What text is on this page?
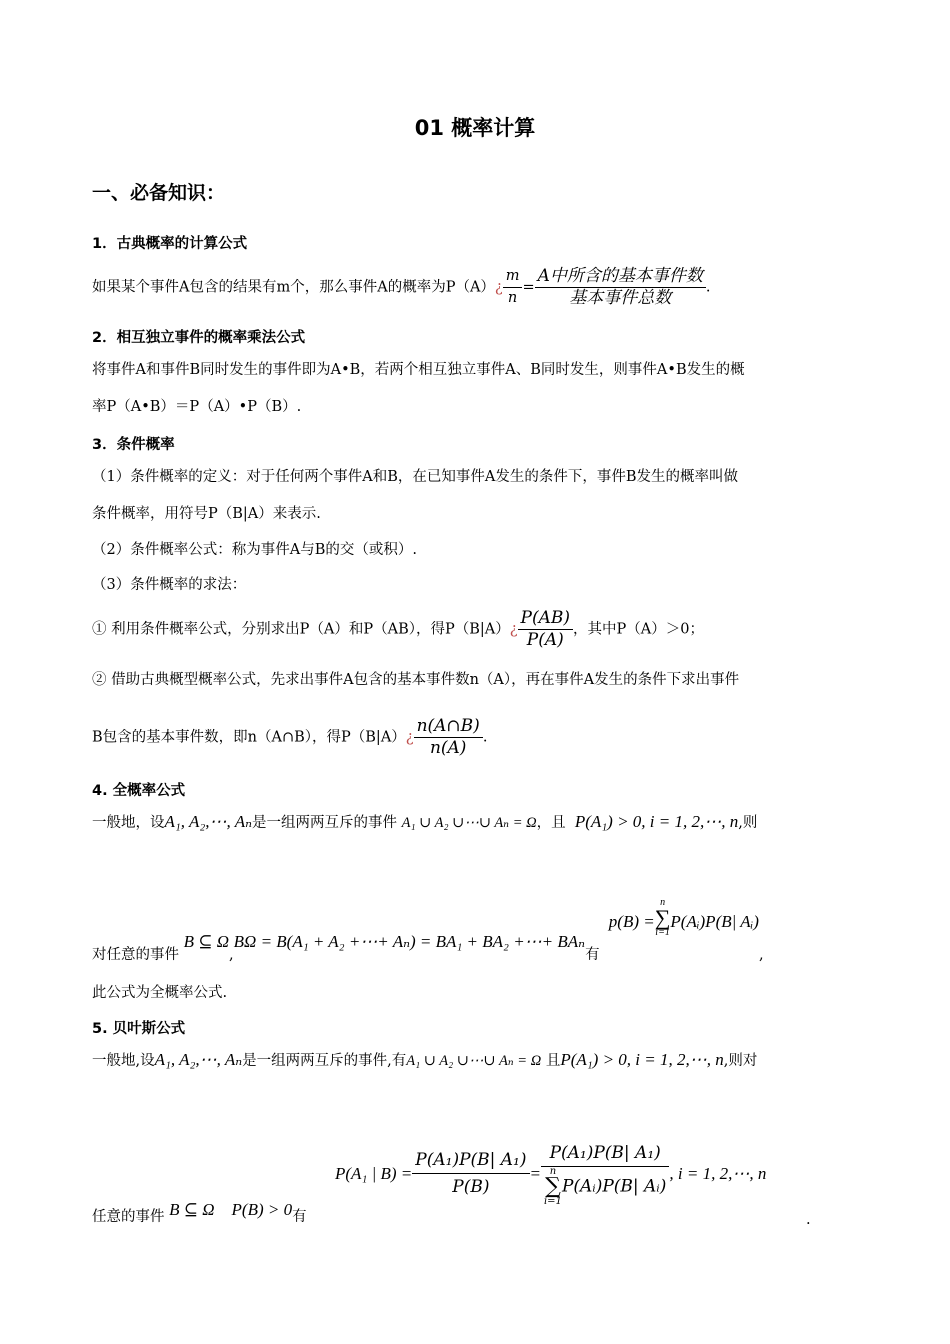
01 概率计算
一、必备知识：
1．古典概率的计算公式
如果某个事件A包含的结果有m个，那么事件A的概率为P（A）¿ $\frac{m}{n} = \frac{\text{A中所含的基本事件数}}{\text{基本事件总数}}$ .
2．相互独立事件的概率乘法公式
将事件A和事件B同时发生的事件即为A•B，若两个相互独立事件A、B同时发生，则事件A•B发生的概
率P（A•B）＝P（A）•P（B）.
3．条件概率
（1）条件概率的定义：对于任何两个事件A和B，在已知事件A发生的条件下，事件B发生的概率叫做
条件概率，用符号P（B|A）来表示.
（2）条件概率公式：称为事件A与B的交（或积）.
（3）条件概率的求法：
① 利用条件概率公式，分别求出P（A）和P（AB），得P（B|A）¿ $\frac{P(AB)}{P(A)}$ ，其中P（A）＞0；
② 借助古典概型概率公式，先求出事件A包含的基本事件数n（A），再在事件A发生的条件下求出事件
B包含的基本事件数，即n（A∩B），得P（B|A）¿ $\frac{n(A\cap B)}{n(A)}$ .
4. 全概率公式
一般地，设A₁, A₂,⋯, Aₙ是一组两两互斥的事件 A₁ ∪ A₂ ∪⋯∪ Aₙ = Ω，且 P(A₁) > 0, i = 1, 2,⋯, n,则
对任意的事件 B ⊆ Ω,BΩ = B(A₁ + A₂ +⋯+ Aₙ) = BA₁ + BA₂ +⋯+ BAₙ有  p(B) =n
∑
i=1P(Aᵢ)P(B| Aᵢ),
此公式为全概率公式.
5. 贝叶斯公式
一般地,设A₁, A₂,⋯, Aₙ是一组两两互斥的事件,有A₁ ∪ A₂ ∪⋯∪ Aₙ = Ω 且P(A₁) > 0, i = 1, 2,⋯, n,则对
任意的事件 B ⊆ Ω    P(B) > 0有
P(A₁ | $B) = \frac{\text{P(A₁)P(B| A₁)}}{P(B)} = P(A_1)P(B|$ A₁)
n
∑
i=1P(Aᵢ)P(B| Aᵢ) , i = 1, 2,⋯, n
.
